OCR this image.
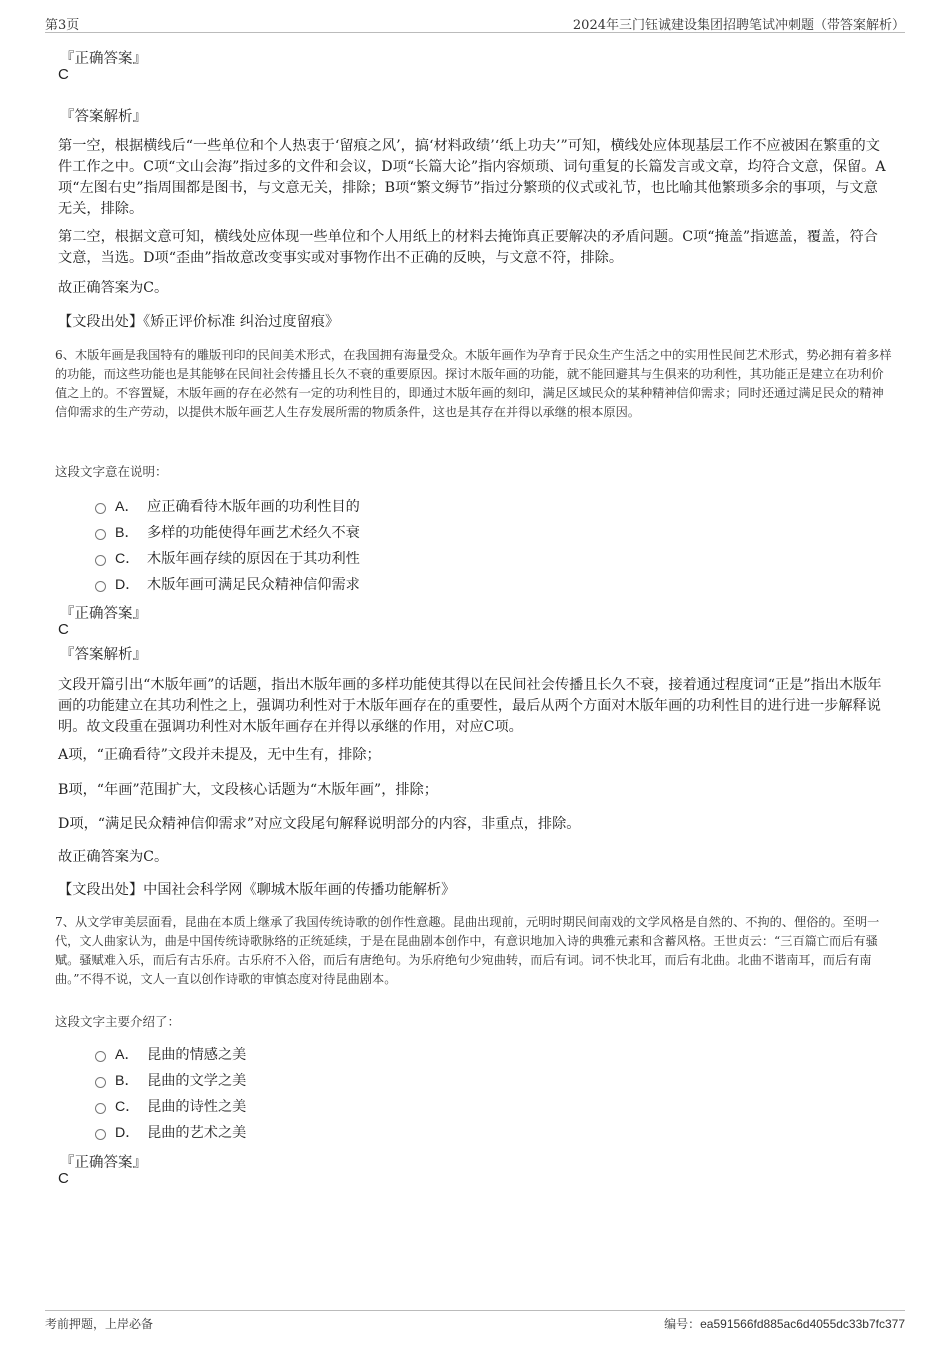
第3页	2024年三门钰诚建设集团招聘笔试冲刺题（带答案解析）
『正确答案』
C
『答案解析』
第一空，根据横线后“一些单位和个人热衷于‘留痕之风’，搞‘材料政绩’‘纸上功夫’”可知，横线处应体现基层工作不应被困在繁重的文件工作之中。C项“文山会海”指过多的文件和会议，D项“长篇大论”指内容烦琐、词句重复的长篇发言或文章，均符合文意，保留。A项“左图右史”指周围都是图书，与文意无关，排除；B项“繁文缛节”指过分繁琐的仪式或礼节，也比喻其他繁琐多余的事项，与文意无关，排除。
第二空，根据文意可知，横线处应体现一些单位和个人用纸上的材料去掩饰真正要解决的矛盾问题。C项“掩盖”指遮盖，覆盖，符合文意，当选。D项“歪曲”指故意改变事实或对事物作出不正确的反映，与文意不符，排除。
故正确答案为C。
【文段出处】《矫正评价标准 纠治过度留痕》
6、木版年画是我国特有的雕版刊印的民间美术形式，在我国拥有海量受众。木版年画作为孕育于民众生产生活之中的实用性民间艺术形式，势必拥有着多样的功能，而这些功能也是其能够在民间社会传播且长久不衰的重要原因。探讨木版年画的功能，就不能回避其与生俱来的功利性，其功能正是建立在功利价值之上的。不容置疑，木版年画的存在必然有一定的功利性目的，即通过木版年画的刻印，满足区域民众的某种精神信仰需求；同时还通过满足民众的精神信仰需求的生产劳动，以提供木版年画艺人生存发展所需的物质条件，这也是其存在并得以承继的根本原因。
这段文字意在说明：
A． 应正确看待木版年画的功利性目的
B． 多样的功能使得年画艺术经久不衰
C． 木版年画存续的原因在于其功利性
D． 木版年画可满足民众精神信仰需求
『正确答案』
C
『答案解析』
文段开篇引出“木版年画”的话题，指出木版年画的多样功能使其得以在民间社会传播且长久不衰，接着通过程度词“正是”指出木版年画的功能建立在其功利性之上，强调功利性对于木版年画存在的重要性，最后从两个方面对木版年画的功利性目的进行进一步解释说明。故文段重在强调功利性对木版年画存在并得以承继的作用，对应C项。
A项，“正确看待”文段并未提及，无中生有，排除；
B项，“年画”范围扩大，文段核心话题为“木版年画”，排除；
D项，“满足民众精神信仰需求”对应文段尾句解释说明部分的内容，非重点，排除。
故正确答案为C。
【文段出处】中国社会科学网《聊城木版年画的传播功能解析》
7、从文学审美层面看，昆曲在本质上继承了我国传统诗歌的创作性意趣。昆曲出现前，元明时期民间南戏的文学风格是自然的、不拘的、俚俗的。至明一代，文人曲家认为，曲是中国传统诗歌脉络的正统延续，于是在昆曲剧本创作中，有意识地加入诗的典雅元素和含蓄风格。王世贞云：“三百篇亡而后有骚赋。骚赋难入乐，而后有古乐府。古乐府不入俗，而后有唐绝句。为乐府绝句少宛曲转，而后有词。词不快北耳，而后有北曲。北曲不谐南耳，而后有南曲。”不得不说，文人一直以创作诗歌的审慎态度对待昆曲剧本。
这段文字主要介绍了：
A． 昆曲的情感之美
B． 昆曲的文学之美
C． 昆曲的诗性之美
D． 昆曲的艺术之美
『正确答案』
C
考前押题，上岸必备	编号：ea591566fd885ac6d4055dc33b7fc377
